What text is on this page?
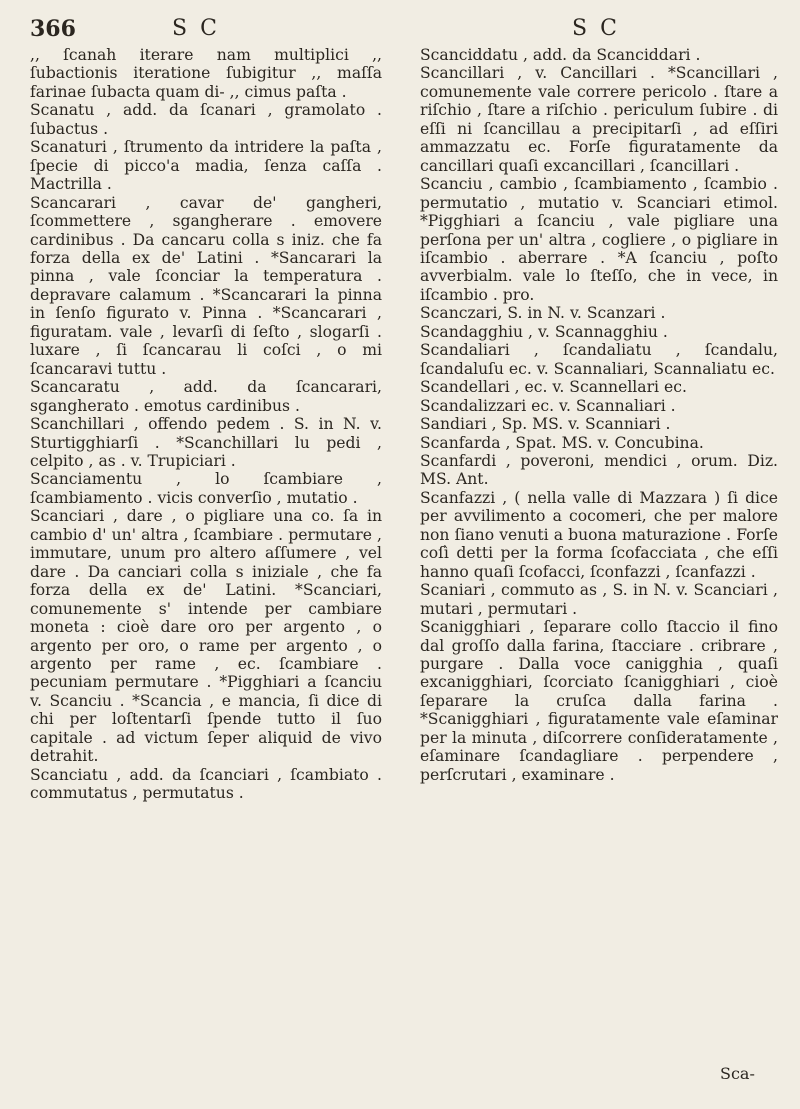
366	S C	S C

,, ſcanah iterare nam multiplici ,, ſubactionis iteratione ſubigitur ,, maſſa farinae ſubacta quam di- ,, cimus paſta .

Scanatu , add. da ſcanari , gramolato . ſubactus .

Scanaturi , ſtrumento da intridere la paſta , ſpecie di picco'a madia, ſenza caſſa . Mactrilla .

Scancarari , cavar de' gangheri, ſcommettere , sgangherare . emovere cardinibus . Da cancaru colla s iniz. che fa forza della ex de' Latini . *Sancarari la pinna , vale ſconciar la temperatura . depravare calamum . *Scancarari la pinna in ſenſo figurato v. Pinna . *Scancarari , figuratam. vale , levarſi di ſeſto , slogarſi . luxare , ſi ſcancarau li coſci , o mi ſcancaravi tuttu .

Scancaratu , add. da ſcancarari, sgangherato . emotus cardinibus .

Scanchillari , offendo pedem . S. in N. v. Sturtigghiarſi . *Scanchillari lu pedi , celpito , as . v. Trupiciari .

Scanciamentu , lo ſcambiare , ſcambiamento . vicis converſio , mutatio .

Scanciari , dare , o pigliare una co. ſa in cambio d' un' altra , ſcambiare . permutare , immutare, unum pro altero aſſumere , vel dare . Da canciari colla s iniziale , che fa forza della ex de' Latini. *Scanciari, comunemente s' intende per cambiare moneta : cioè dare oro per argento , o argento per oro, o rame per argento , o argento per rame , ec. ſcambiare . pecuniam permutare . *Pigghiari a ſcanciu v. Scanciu . *Scancia , e mancia, ſi dice di chi per loſtentarſi ſpende tutto il ſuo capitale . ad victum ſeper aliquid de vivo detrahit.

Scanciatu , add. da ſcanciari , ſcambiato . commutatus , permutatus .

Scanciddatu , add. da Scanciddari .

Scancillari , v. Cancillari . *Scancillari , comunemente vale correre pericolo . ſtare a riſchio , ſtare a riſchio . periculum ſubire . di eſſi ni ſcancillau a precipitarſi , ad eſſiri ammazzatu ec. Forſe figuratamente da cancillari quaſi excancillari , ſcancillari .

Scanciu , cambio , ſcambiamento , ſcambio . permutatio , mutatio v. Scanciari etimol. *Pigghiari a ſcanciu , vale pigliare una perſona per un' altra , cogliere , o pigliare in iſcambio . aberrare . *A ſcanciu , poſto avverbialm. vale lo ſteſſo, che in vece, in iſcambio . pro.

Scanczari, S. in N. v. Scanzari .

Scandagghiu , v. Scannagghiu .

Scandaliari , ſcandaliatu , ſcandalu, ſcandaluſu ec. v. Scannaliari, Scannaliatu ec.

Scandellari , ec. v. Scannellari ec.

Scandalizzari ec. v. Scannaliari .

Sandiari , Sp. MS. v. Scanniari .

Scanfarda , Spat. MS. v. Concubina.

Scanfardi , poveroni, mendici , orum. Diz. MS. Ant.

Scanfazzi , ( nella valle di Mazzara ) ſi dice per avvilimento a cocomeri, che per malore non ſiano venuti a buona maturazione . Forſe coſì detti per la forma ſcofacciata , che eſſi hanno quaſi ſcofacci, ſconfazzi , ſcanfazzi .

Scaniari , commuto as , S. in N. v. Scanciari , mutari , permutari .

Scanigghiari , ſeparare collo ſtaccio il fino dal groſſo dalla farina, ſtacciare . cribrare , purgare . Dalla voce canigghia , quaſi excanigghiari, ſcorciato ſcanigghiari , cioè ſeparare la cruſca dalla farina . *Scanigghiari , figuratamente vale eſaminar per la minuta , diſcorrere conſideratamente , eſaminare ſcandagliare . perpendere , perſcrutari , examinare .

Sca-
